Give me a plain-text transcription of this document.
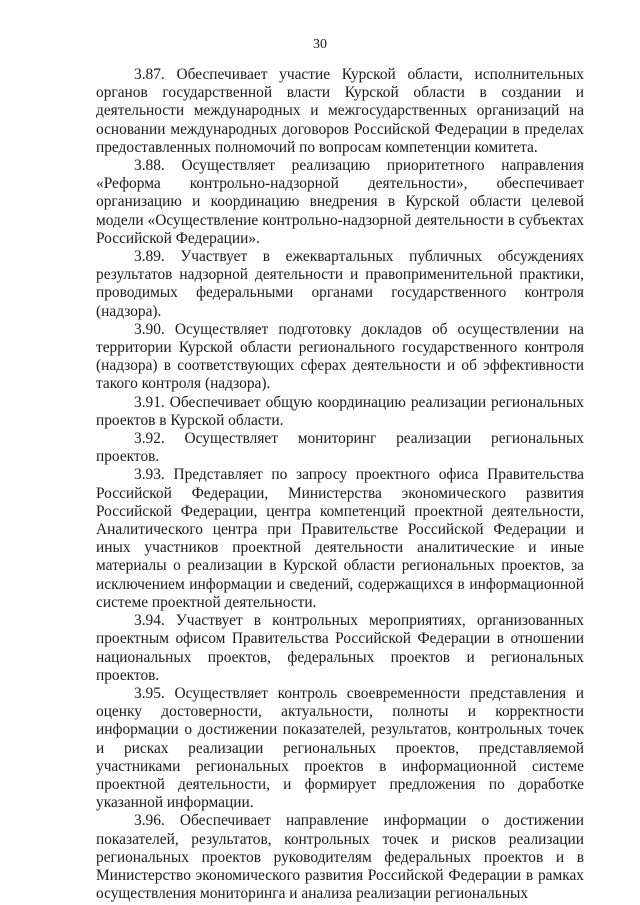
30

3.87. Обеспечивает участие Курской области, исполнительных органов государственной власти Курской области в создании и деятельности международных и межгосударственных организаций на основании международных договоров Российской Федерации в пределах предоставленных полномочий по вопросам компетенции комитета.

3.88. Осуществляет реализацию приоритетного направления «Реформа контрольно-надзорной деятельности», обеспечивает организацию и координацию внедрения в Курской области целевой модели «Осуществление контрольно-надзорной деятельности в субъектах Российской Федерации».

3.89. Участвует в ежеквартальных публичных обсуждениях результатов надзорной деятельности и правоприменительной практики, проводимых федеральными органами государственного контроля (надзора).

3.90. Осуществляет подготовку докладов об осуществлении на территории Курской области регионального государственного контроля (надзора) в соответствующих сферах деятельности и об эффективности такого контроля (надзора).

3.91. Обеспечивает общую координацию реализации региональных проектов в Курской области.

3.92. Осуществляет мониторинг реализации региональных проектов.

3.93. Представляет по запросу проектного офиса Правительства Российской Федерации, Министерства экономического развития Российской Федерации, центра компетенций проектной деятельности, Аналитического центра при Правительстве Российской Федерации и иных участников проектной деятельности аналитические и иные материалы о реализации в Курской области региональных проектов, за исключением информации и сведений, содержащихся в информационной системе проектной деятельности.

3.94. Участвует в контрольных мероприятиях, организованных проектным офисом Правительства Российской Федерации в отношении национальных проектов, федеральных проектов и региональных проектов.

3.95. Осуществляет контроль своевременности представления и оценку достоверности, актуальности, полноты и корректности информации о достижении показателей, результатов, контрольных точек и рисках реализации региональных проектов, представляемой участниками региональных проектов в информационной системе проектной деятельности, и формирует предложения по доработке указанной информации.

3.96. Обеспечивает направление информации о достижении показателей, результатов, контрольных точек и рисков реализации региональных проектов руководителям федеральных проектов и в Министерство экономического развития Российской Федерации в рамках осуществления мониторинга и анализа реализации региональных
